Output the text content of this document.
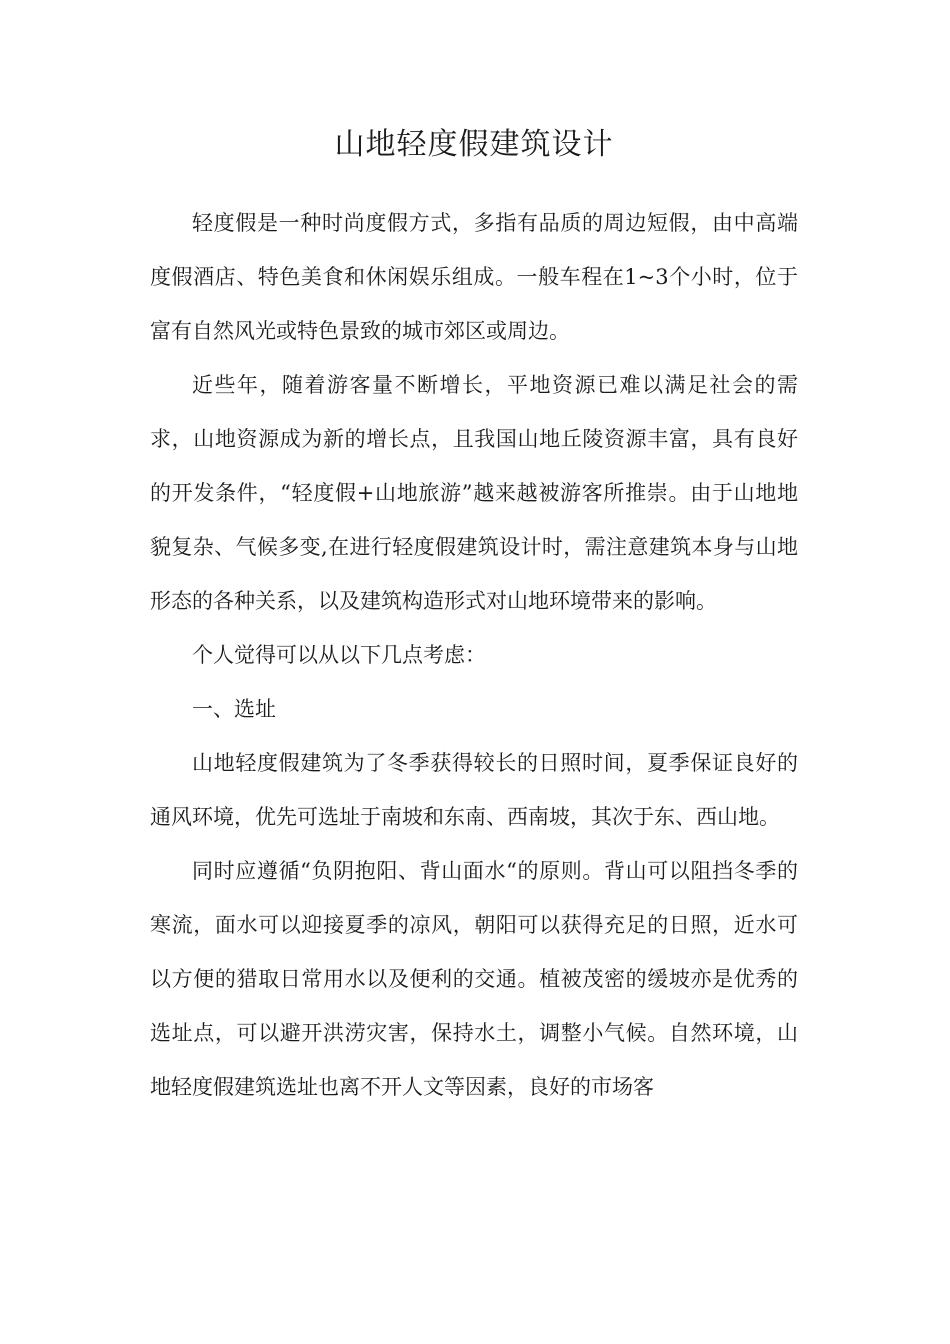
山地轻度假建筑设计

轻度假是一种时尚度假方式，多指有品质的周边短假，由中高端度假酒店、特色美食和休闲娱乐组成。一般车程在1~3个小时，位于富有自然风光或特色景致的城市郊区或周边。

近些年，随着游客量不断增长，平地资源已难以满足社会的需求，山地资源成为新的增长点，且我国山地丘陵资源丰富，具有良好的开发条件，“轻度假+山地旅游”越来越被游客所推崇。由于山地地貌复杂、气候多变,在进行轻度假建筑设计时，需注意建筑本身与山地形态的各种关系，以及建筑构造形式对山地环境带来的影响。

个人觉得可以从以下几点考虑：

一、选址

山地轻度假建筑为了冬季获得较长的日照时间，夏季保证良好的通风环境，优先可选址于南坡和东南、西南坡，其次于东、西山地。

同时应遵循“负阴抱阳、背山面水“的原则。背山可以阻挡冬季的寒流，面水可以迎接夏季的凉风，朝阳可以获得充足的日照，近水可以方便的猎取日常用水以及便利的交通。植被茂密的缓坡亦是优秀的选址点，可以避开洪涝灾害，保持水土，调整小气候。自然环境，山地轻度假建筑选址也离不开人文等因素，良好的市场客
